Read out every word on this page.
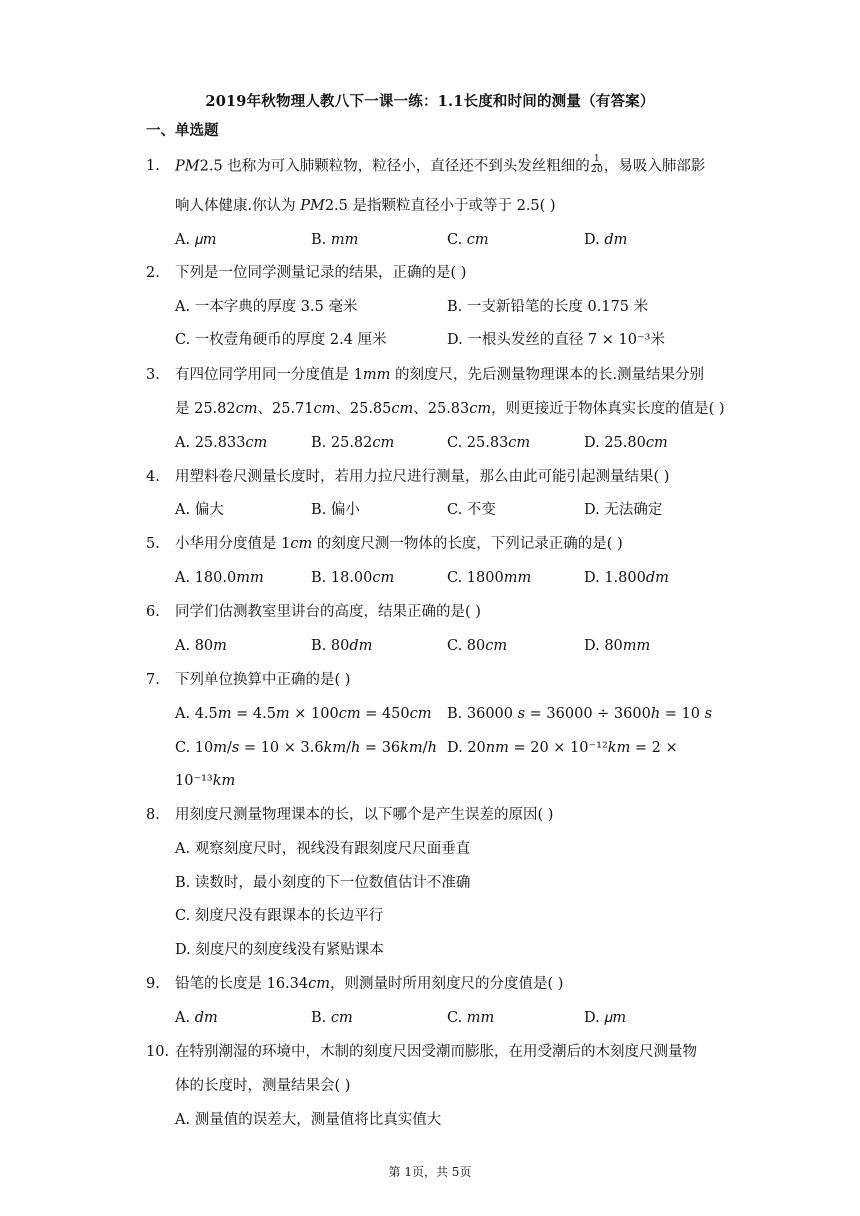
2019年秋物理人教八下一课一练：1.1长度和时间的测量（有答案）
一、单选题
1. 𝑃𝑀2.5 也称为可入肺颗粒物，粒径小，直径还不到头发丝粗细的 $\frac{1}{20}$ ，易吸入肺部影
响人体健康.你认为 𝑃𝑀2.5 是指颗粒直径小于或等于 2.5( )
A. 𝜇𝑚	B. 𝑚𝑚	C. 𝑐𝑚	D. 𝑑𝑚
2. 下列是一位同学测量记录的结果，正确的是( )
A. 一本字典的厚度 3.5 毫米	B. 一支新铅笔的长度 0.175 米
C. 一枚壹角硬币的厚度 2.4 厘米	D. 一根头发丝的直径 7 × 10⁻³米
3. 有四位同学用同一分度值是 1𝑚𝑚 的刻度尺，先后测量物理课本的长.测量结果分别
是 25.82𝑐𝑚、25.71𝑐𝑚、25.85𝑐𝑚、25.83𝑐𝑚，则更接近于物体真实长度的值是( )
A. 25.833𝑐𝑚	B. 25.82𝑐𝑚	C. 25.83𝑐𝑚	D. 25.80𝑐𝑚
4. 用塑料卷尺测量长度时，若用力拉尺进行测量，那么由此可能引起测量结果( )
A. 偏大	B. 偏小	C. 不变	D. 无法确定
5. 小华用分度值是 1𝑐𝑚 的刻度尺测一物体的长度，下列记录正确的是( )
A. 180.0𝑚𝑚	B. 18.00𝑐𝑚	C. 1800𝑚𝑚	D. 1.800𝑑𝑚
6. 同学们估测教室里讲台的高度，结果正确的是( )
A. 80𝑚	B. 80𝑑𝑚	C. 80𝑐𝑚	D. 80𝑚𝑚
7. 下列单位换算中正确的是( )
A. 4.5𝑚 = 4.5𝑚 × 100𝑐𝑚 = 450𝑐𝑚 B. 36000 𝑠 = 36000 ÷ 3600ℎ = 10 𝑠
C. 10𝑚/𝑠 = 10 × 3.6𝑘𝑚/ℎ = 36𝑘𝑚/ℎ D. 20𝑛𝑚 = 20 × 10⁻¹²𝑘𝑚 = 2 ×
10⁻¹³𝑘𝑚
8. 用刻度尺测量物理课本的长，以下哪个是产生误差的原因( )
A. 观察刻度尺时，视线没有跟刻度尺尺面垂直
B. 读数时，最小刻度的下一位数值估计不准确
C. 刻度尺没有跟课本的长边平行
D. 刻度尺的刻度线没有紧贴课本
9. 铅笔的长度是 16.34𝑐𝑚，则测量时所用刻度尺的分度值是( )
A. 𝑑𝑚	B. 𝑐𝑚	C. 𝑚𝑚	D. 𝜇𝑚
10. 在特别潮湿的环境中，木制的刻度尺因受潮而膨胀，在用受潮后的木刻度尺测量物
体的长度时，测量结果会( )
A. 测量值的误差大，测量值将比真实值大
第 1页，共 5页
